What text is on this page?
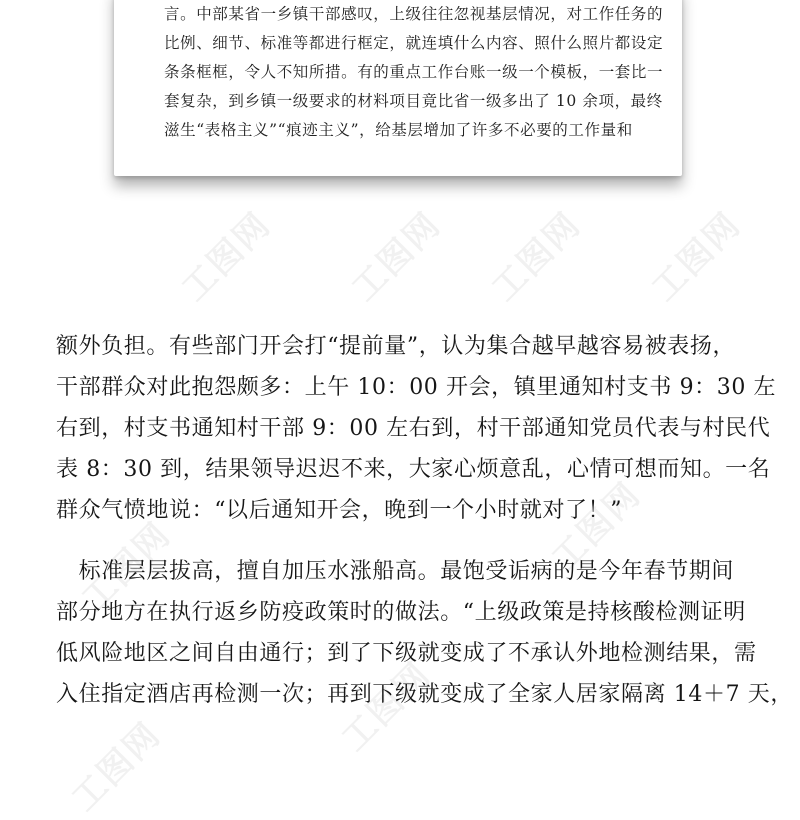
工图网 工图网 工图网 工图网
工图网	工图网
工图网
工图网
言。中部某省一乡镇干部感叹，上级往往忽视基层情况，对工作任务的
比例、细节、标准等都进行框定，就连填什么内容、照什么照片都设定
条条框框，令人不知所措。有的重点工作台账一级一个模板，一套比一
套复杂，到乡镇一级要求的材料项目竟比省一级多出了 10 余项，最终
滋生“表格主义”“痕迹主义”，给基层增加了许多不必要的工作量和
额外负担。有些部门开会打“提前量”，认为集合越早越容易被表扬，
干部群众对此抱怨颇多：上午 10：00 开会，镇里通知村支书 9：30 左
右到，村支书通知村干部 9：00 左右到，村干部通知党员代表与村民代
表 8：30 到，结果领导迟迟不来，大家心烦意乱，心情可想而知。一名
群众气愤地说：“以后通知开会，晚到一个小时就对了！”
　标准层层拔高，擅自加压水涨船高。最饱受诟病的是今年春节期间
部分地方在执行返乡防疫政策时的做法。“上级政策是持核酸检测证明
低风险地区之间自由通行；到了下级就变成了不承认外地检测结果，需
入住指定酒店再检测一次；再到下级就变成了全家人居家隔离 14＋7 天，
